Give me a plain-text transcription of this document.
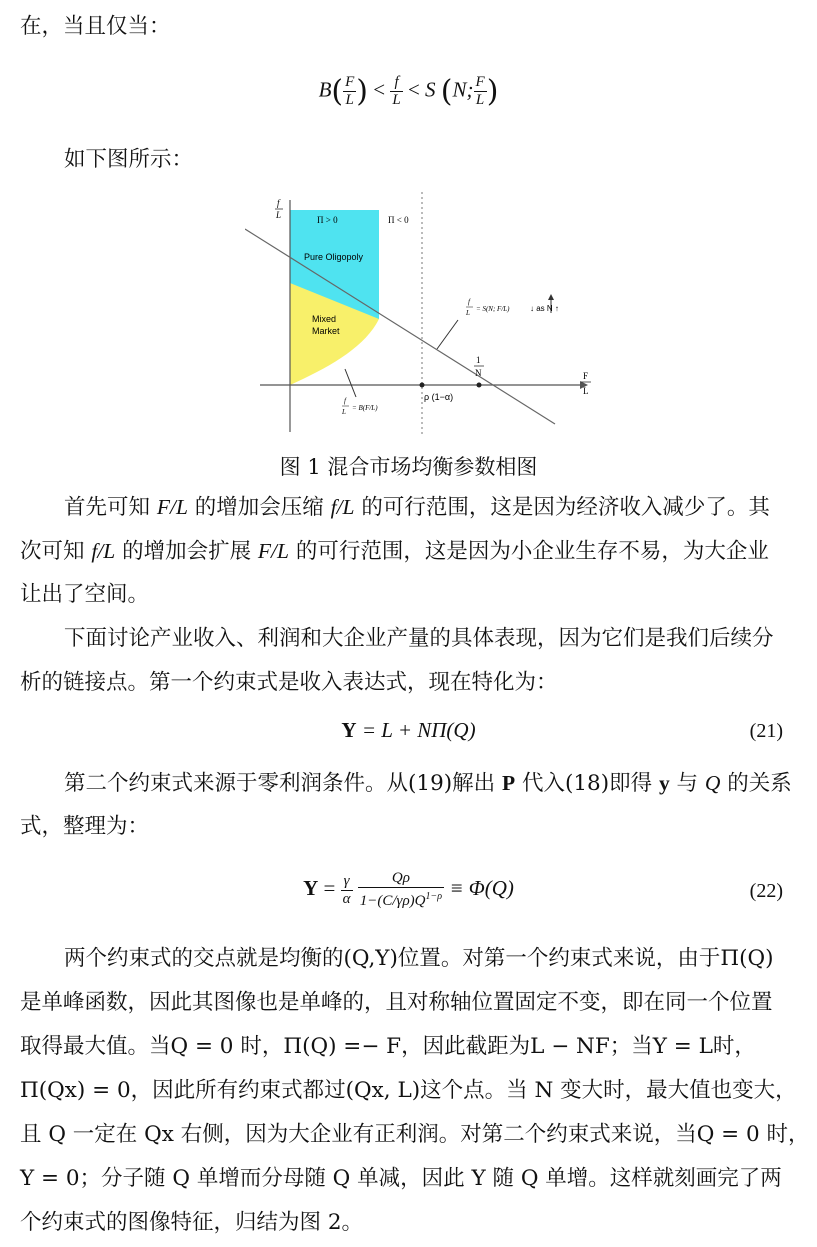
在，当且仅当：
$B( \frac{F}{L}$ ) < $\frac{f}{L} < S$ (N; $\frac{F}{L}$ )
如下图所示：
f
L	Π > 0	Π < 0
Pure Oligopoly
Mixed
Market
f
L = S(N; F/L)	↓ as N ↑
1
N
ρ (1−α)
F
L
f
L = B(F/L)
图 1 混合市场均衡参数相图
首先可知 F/L 的增加会压缩 f/L 的可行范围，这是因为经济收入减少了。其
次可知 f/L 的增加会扩展 F/L 的可行范围，这是因为小企业生存不易，为大企业
让出了空间。
下面讨论产业收入、利润和大企业产量的具体表现，因为它们是我们后续分
析的链接点。第一个约束式是收入表达式，现在特化为：
Y = L + NΠ(Q)	(21)
第二个约束式来源于零利润条件。从(19)解出 P 代入(18)即得 y 与 Q 的关系
式，整理为：
$Y = \frac{\gamma}{\alpha}$
$\frac{Q\rho}{1-(C/\gamma\rho)Q^{1-\rho}} \equiv \Phi(Q)$	(22)
两个约束式的交点就是均衡的(Q,Y)位置。对第一个约束式来说，由于Π(Q)
是单峰函数，因此其图像也是单峰的，且对称轴位置固定不变，即在同一个位置
取得最大值。当Q = 0 时，Π(Q) =− F，因此截距为L − NF；当Y = L时，
Π(Qx) = 0，因此所有约束式都过(Qx, L)这个点。当 N 变大时，最大值也变大，
且 Q 一定在 Qx 右侧，因为大企业有正利润。对第二个约束式来说，当Q = 0 时，
Y = 0；分子随 Q 单增而分母随 Q 单减，因此 Y 随 Q 单增。这样就刻画完了两
个约束式的图像特征，归结为图 2。
